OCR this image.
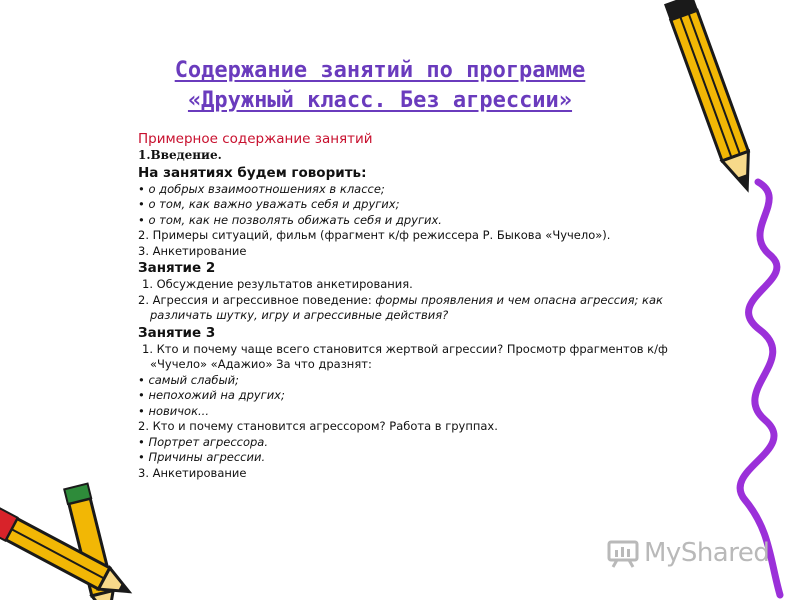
Содержание занятий по программе
«Дружный класс. Без агрессии»
Примерное содержание занятий
1.Введение.
На занятиях будем говорить:
• о добрых взаимоотношениях в классе;
• о том, как важно уважать себя и других;
• о том, как не позволять обижать себя и других.
2. Примеры ситуаций, фильм (фрагмент к/ф режиссера Р. Быкова «Чучело»).
3. Анкетирование
Занятие 2
1. Обсуждение результатов анкетирования.
2. Агрессия и агрессивное поведение: формы проявления и чем опасна агрессия; как
различать шутку, игру и агрессивные действия?
Занятие 3
1. Кто и почему чаще всего становится жертвой агрессии? Просмотр фрагментов к/ф
«Чучело» «Адажио» За что дразнят:
• самый слабый;
• непохожий на других;
• новичок...
2. Кто и почему становится агрессором? Работа в группах.
• Портрет агрессора.
• Причины агрессии.
3. Анкетирование
MyShared
